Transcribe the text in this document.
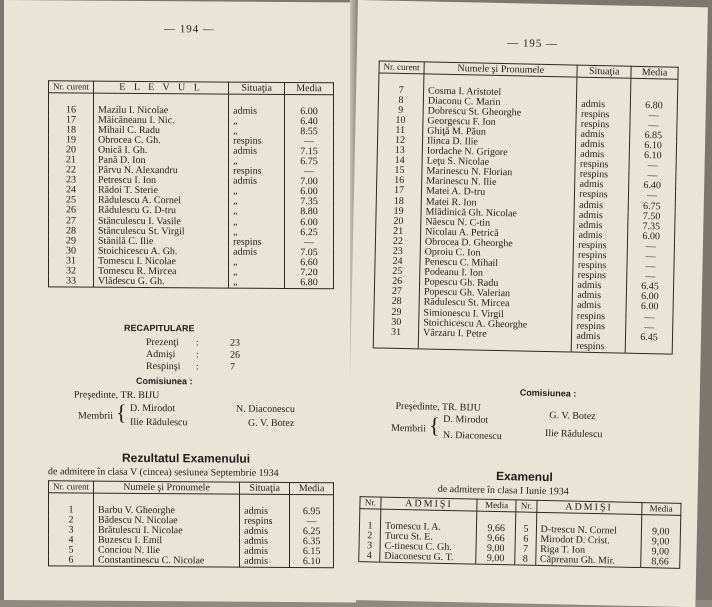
— 194 —
Nr. curent	E L E V U L	Situaţia	Media

16	Mazilu I. Nicolae	admis	6.00
17	Măicăneanu I. Nic.	„	6.40
18	Mihail C. Radu	„	8.55
19	Obrocea C. Gh.	respins	—
20	Onică I. Gh.	admis	7.15
21	Pană D. Ion	„	6.75
22	Pârvu N. Alexandru	respins	—
23	Petrescu I. Ion	admis	7.00
24	Rădoi T. Sterie	„	6.00
25	Rădulescu A. Cornel	„	7.35
26	Rădulescu G. D-tru	„	8.80
27	Stănculescu I. Vasile	„	6.00
28	Stănculescu St. Virgil	„	6.25
29	Stănilă C. Ilie	respins	—
30	Stoichicescu A. Gh.	admis	7.05
31	Tomescu I. Nicolae	„	6.60
32	Tomescu R. Mircea	„	7.20
33	Vlădescu G. Gh.	„	6.80
RECAPITULARE
Prezenţi :	23
Admişi :	26
Respinşi :	7
Comisiunea :
Preşedinte, TR. BIJU
Membrii { D. Mirodot	N. Diaconescu
Ilie Rădulescu	G. V. Botez
Rezultatul Examenului
de admitere în clasa V (cincea) sesiunea Septembrie 1934
Nr. curent	Numele şi Pronumele	Situaţia	Media

1	Barbu V. Gheorghe	admis	6.95
2	Bădescu N. Nicolae	respins	—
3	Brătulescu I. Nicolae	admis	6.25
4	Buzescu I. Emil	admis	6.35
5	Conciou N. Ilie	admis	6.15
6	Constantinescu C. Nicolae	admis	6.10
— 195 —
Nr. curent	Numele şi Pronumele	Situaţia	Media

7	Cosma I. Aristotel		
8	Diaconu C. Marin	admis	6.80
9	Dobrescu St. Gheorghe	respins	—
10	Georgescu F. Ion	respins	—
11	Ghiţă M. Păun	admis	6.85
12	Ilinca D. Ilie	admis	6.10
13	Iordache N. Grigore	admis	6.10
14	Leţu S. Nicolae	respins	—
15	Marinescu N. Florian	respins	—
16	Marinescu N. Ilie	admis	6.40
17	Matei A. D-tru	respins	—
18	Matei R. Ion	admis	6.75
19	Mlădinică Gh. Nicolae	admis	7.50
20	Năescu N. C-tin	admis	7.35
21	Nicolau A. Petrică	admis	6.00
22	Obrocea D. Gheorghe	respins	—
23	Oproiu C. Ion	respins	—
24	Penescu C. Mihail	respins	—
25	Podeanu I. Ion	respins	—
26	Popescu Gh. Radu	admis	6.45
27	Popescu Gh. Valerian	admis	6.00
28	Rădulescu St. Mircea	admis	6.00
29	Simionescu I. Virgil	respins	—
30	Stoichicescu A. Gheorghe	respins	—
31	Vârzaru I. Petre	admis	6.45
		respins	
Comisiunea :
Preşedinte, TR. BIJU
Membrii { D. Mirodot	G. V. Botez
N. Diaconescu	Ilie Rădulescu
Examenul
de admitere în clasa I Iunie 1934
Nr.	ADMIŞI	Media	Nr.	ADMIŞI	Media

1	Tomescu I. A.	9,66	5	D-trescu N. Cornel	9,00
2	Turcu St. E.	9,66	6	Mirodot D. Crist.	9,00
3	C-tinescu C. Gh.	9,00	7	Riga T. Ion	9,00
4	Diaconescu G. T.	9,00	8	Căpreanu Gh. Mir.	8,66
